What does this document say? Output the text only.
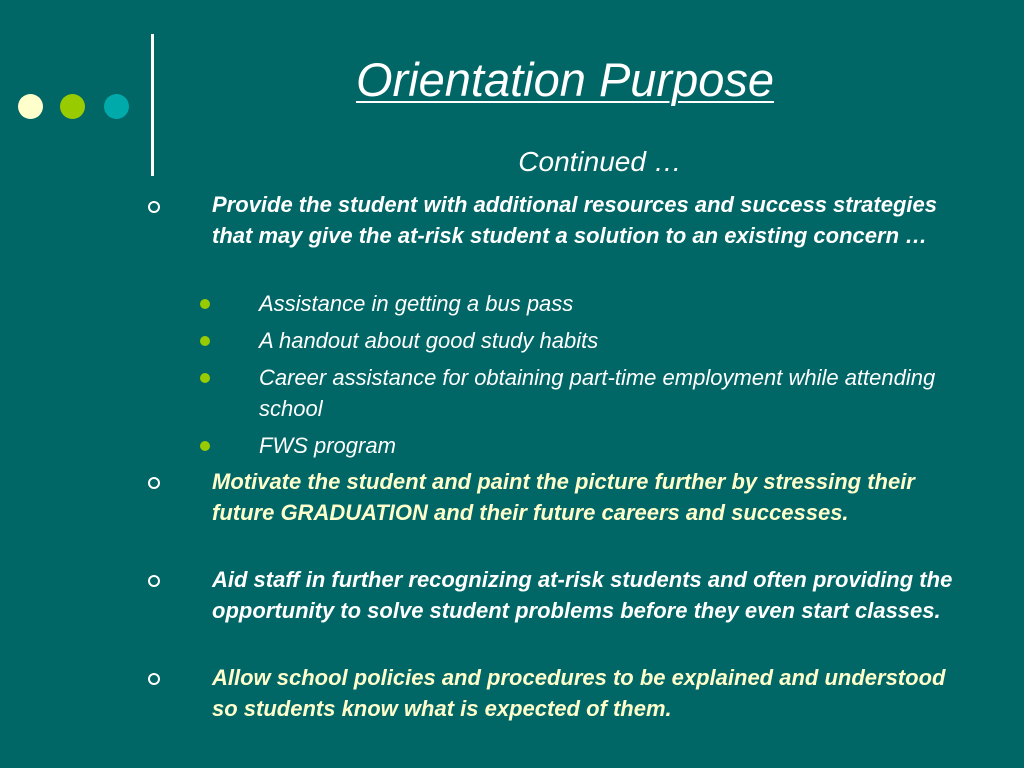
Orientation Purpose
Continued …
Provide the student with additional resources and success strategies that may give the at-risk student a solution to an existing concern …
Assistance in getting a bus pass
A handout about good study habits
Career assistance for obtaining part-time employment while attending school
FWS program
Motivate the student and paint the picture further by stressing their future GRADUATION and their future careers and successes.
Aid staff in further recognizing at-risk students and often providing the opportunity to solve student problems before they even start classes.
Allow school policies and procedures to be explained and understood so students know what is expected of them.
